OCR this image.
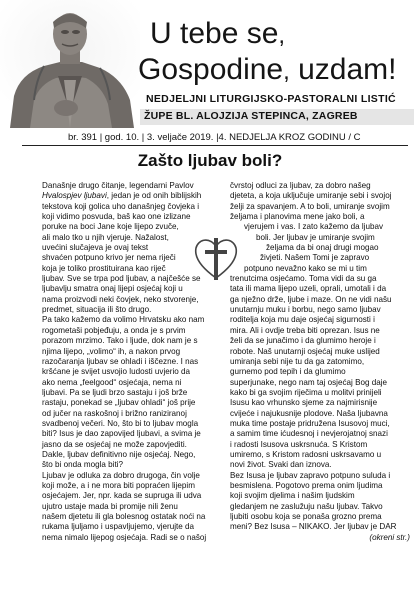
U tebe se,
Gospodine, uzdam!
NEDJELJNI LITURGIJSKO-PASTORALNI LISTIĆ
ŽUPE BL. ALOJZIJA STEPINCA, ZAGREB
br. 391 | god. 10. | 3. veljače 2019. |4. NEDJELJA KROZ GODINU / C
Zašto ljubav boli?
Današnje drugo čitanje, legendarni Pavlov
Hvalospjev ljubavi, jedan je od onih biblijskih
tekstova koji golica uho današnjeg čovjeka i
koji vidimo posvuda, baš kao one izlizane
poruke na boci Jane koje lijepo zvuče,
ali malo tko u njih vjeruje. Nažalost,
uvećini slučajeva je ovaj tekst
shvaćen potpuno krivo jer nema riječi
koja je toliko prostituirana kao riječ
ljubav. Sve se trpa pod ljubav, a najčešće se
ljubavlju smatra onaj lijepi osjećaj koji u
nama proizvodi neki čovjek, neko stvorenje,
predmet, situacija ili što drugo.
Pa tako kažemo da volimo Hrvatsku ako nam
rogometaši pobjeđuju, a onda je s prvim
porazom mrzimo. Tako i ljude, dok nam je s
njima lijepo, „volimo“ ih, a nakon prvog
razočaranja ljubav se ohladi i iščezne. I nas
kršćane je svijet usvojio ludosti uvjerio da
ako nema „feelgood“ osjećaja, nema ni
ljubavi. Pa se ljudi brzo sastaju i još brže
rastaju, ponekad se „ljubav ohladi“ još prije
od jučer na raskošnoj i brižno raniziranoj
svadbenoj večeri. No, što bi to ljubav mogla
biti? Isus je dao zapovijed ljubavi, a svima je
jasno da se osjećaj ne može zapovjediti.
Dakle, ljubav definitivno nije osjećaj. Nego,
što bi onda mogla biti?
Ljubav je odluka za dobro drugoga, čin volje
koji može, a i ne mora biti popraćen lijepim
osjećajem. Jer, npr. kada se supruga ili udva
ujutro ustaje mada bi promije nili ženu
našem djetetu ili gla bolesnog ostatak noći na
rukama ljuljamo i uspavljujemo, vjerujte da
nema nimalo lijepog osjećaja. Radi se o našoj
čvrstoj odluci za ljubav, za dobro našeg
djeteta, a koja uključuje umiranje sebi i svojoj
želji za spavanjem. A to boli, umiranje svojim
željama i planovima mene jako boli, a
vjerujem i vas. I zato kažemo da ljubav
boli. Jer ljubav je umiranje svojim
željama da bi onaj drugi mogao
živjeti. Našem Tomi je zapravo
potpuno nevažno kako se mi u tim
trenutcima osjećamo. Toma vidi da su ga
tata ili mama lijepo uzeli, oprali, umotali i da
ga nježno drže, ljube i maze. On ne vidi našu
unutarnju muku i borbu, nego samo ljubav
roditelja koja mu daje osjećaj sigurnosti i
mira. Ali i ovdje treba biti oprezan. Isus ne
želi da se junačimo i da glumimo heroje i
robote. Naš unutarnji osjećaj muke uslijed
umiranja sebi nije tu da ga zatomimo,
gurnemo pod tepih i da glumimo
superjunake, nego nam taj osjećaj Bog daje
kako bi ga svojim riječima u molitvi prinijeli
Isusu kao vrhunsko sjeme za najmirisnije
cvijeće i najukusnije plodove. Naša ljubavna
muka time postaje pridružena Isusovoj muci,
a samim time ićudesnoj i nevjerojatnoj snazi
i radosti Isusova uskrsnuća. S Kristom
umiremo, s Kristom radosni uskrsavamo u
novi život. Svaki dan iznova.
Bez Isusa je ljubav zapravo potpuno suluda i
besmislena. Pogotovo prema onim ljudima
koji svojim djelima i našim ljudskim
gledanjem ne zaslužuju našu ljubav. Takvo
ljubiti osobu koja se ponaša grozno prema
meni? Bez Isusa – NIKAKO. Jer ljubav je DAR
(okreni str.)
